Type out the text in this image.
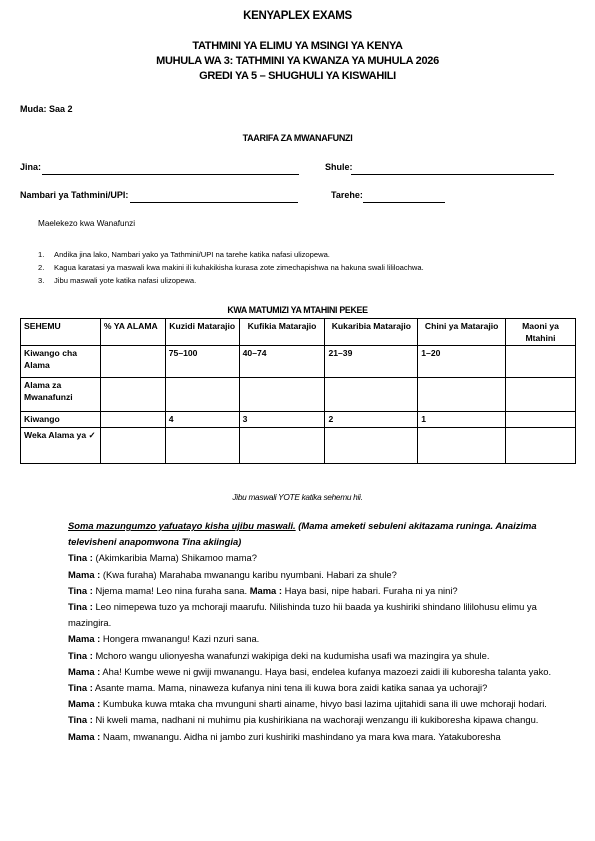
KENYAPLEX EXAMS
TATHMINI YA ELIMU YA MSINGI YA KENYA
MUHULA WA 3: TATHMINI YA KWANZA YA MUHULA 2026
GREDI YA 5 – SHUGHULI YA KISWAHILI
Muda: Saa 2
TAARIFA ZA MWANAFUNZI
Jina:	Shule:
Nambari ya Tathmini/UPI:	Tarehe:
Maelekezo kwa Wanafunzi
1. Andika jina lako, Nambari yako ya Tathmini/UPI na tarehe katika nafasi ulizopewa.
2. Kagua karatasi ya maswali kwa makini ili kuhakikisha kurasa zote zimechapishwa na hakuna swali lililoachwa.
3. Jibu maswali yote katika nafasi ulizopewa.
KWA MATUMIZI YA MTAHINI PEKEE
SEHEMU	% YA ALAMA	Kuzidi Matarajio	Kufikia Matarajio	Kukaribia Matarajio	Chini ya Matarajio	Maoni ya Mtahini
Kiwango cha Alama		75–100	40–74	21–39	1–20	
Alama za Mwanafunzi						
Kiwango		4	3	2	1	
Weka Alama ya ✓						
Jibu maswali YOTE katika sehemu hii.

Soma mazungumzo yafuatayo kisha ujibu maswali. (Mama ameketi sebuleni akitazama runinga. Anaizima televisheni anapomwona Tina akiingia)

Tina : (Akimkaribia Mama) Shikamoo mama?

Mama : (Kwa furaha) Marahaba mwanangu karibu nyumbani. Habari za shule?

Tina : Njema mama! Leo nina furaha sana. Mama : Haya basi, nipe habari. Furaha ni ya nini?

Tina : Leo nimepewa tuzo ya mchoraji maarufu. Nilishinda tuzo hii baada ya kushiriki shindano lililohusu elimu ya mazingira.

Mama : Hongera mwanangu! Kazi nzuri sana.

Tina : Mchoro wangu ulionyesha wanafunzi wakipiga deki na kudumisha usafi wa mazingira ya shule.

Mama : Aha! Kumbe wewe ni gwiji mwanangu. Haya basi, endelea kufanya mazoezi zaidi ili kuboresha talanta yako.

Tina : Asante mama. Mama, ninaweza kufanya nini tena ili kuwa bora zaidi katika sanaa ya uchoraji?

Mama : Kumbuka kuwa mtaka cha mvunguni sharti ainame, hivyo basi lazima ujitahidi sana ili uwe mchoraji hodari.

Tina : Ni kweli mama, nadhani ni muhimu pia kushirikiana na wachoraji wenzangu ili kukiboresha kipawa changu.

Mama : Naam, mwanangu. Aidha ni jambo zuri kushiriki mashindano ya mara kwa mara. Yatakuboresha
